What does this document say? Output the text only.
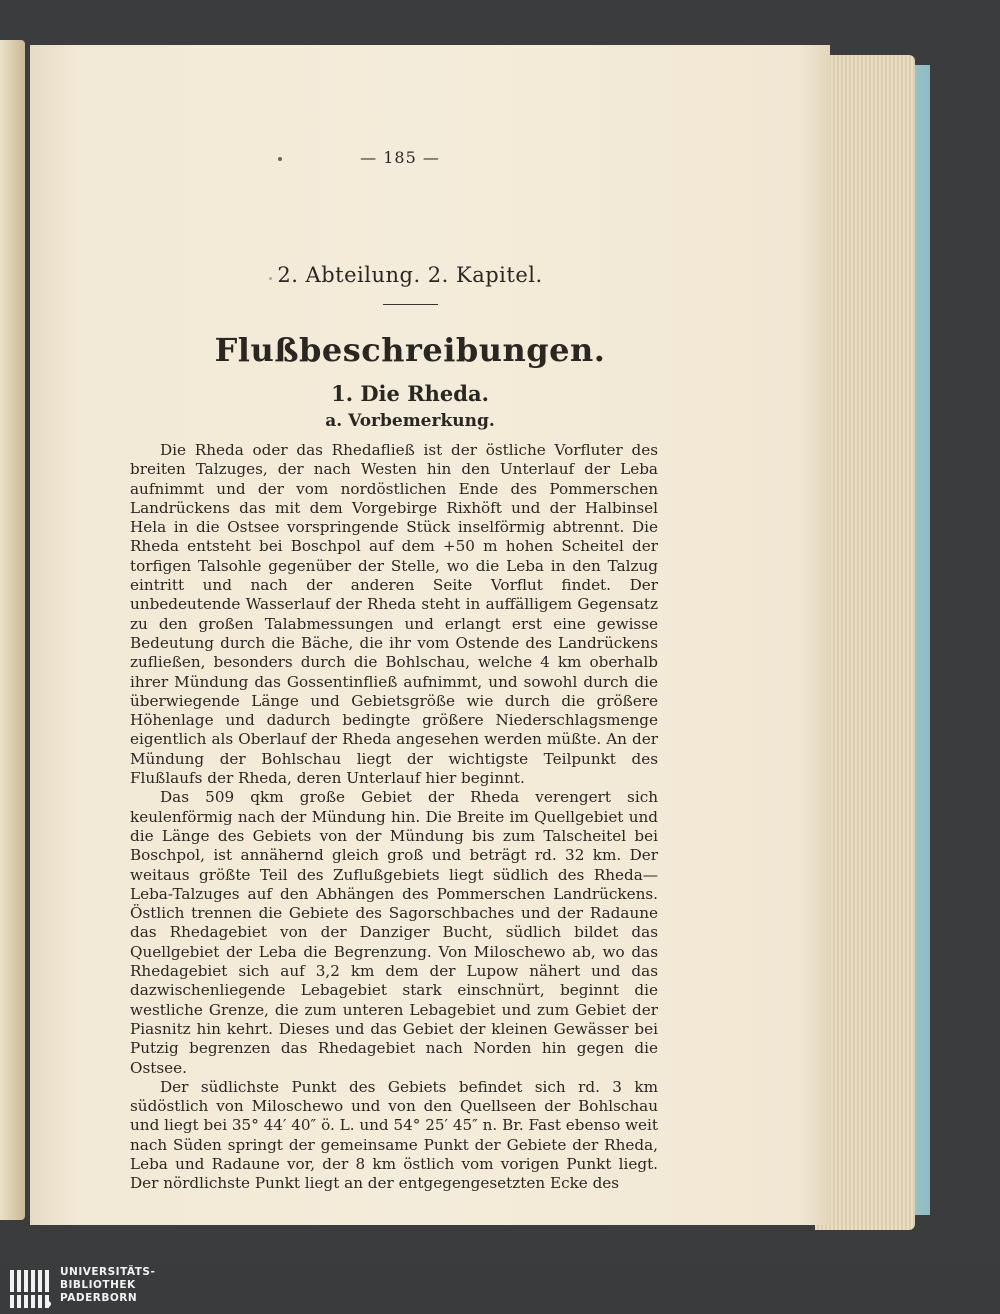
— 185 —
2. Abteilung. 2. Kapitel.
Flußbeschreibungen.
1. Die Rheda.
a. Vorbemerkung.

Die Rheda oder das Rhedafließ ist der östliche Vorfluter des breiten Talzuges, der nach Westen hin den Unterlauf der Leba aufnimmt und der vom nordöstlichen Ende des Pommerschen Landrückens das mit dem Vorgebirge Rixhöft und der Halbinsel Hela in die Ostsee vorspringende Stück inselförmig abtrennt. Die Rheda entsteht bei Boschpol auf dem +50 m hohen Scheitel der torfigen Talsohle gegenüber der Stelle, wo die Leba in den Talzug eintritt und nach der anderen Seite Vorflut findet. Der unbedeutende Wasserlauf der Rheda steht in auffälligem Gegensatz zu den großen Talabmessungen und erlangt erst eine gewisse Bedeutung durch die Bäche, die ihr vom Ostende des Landrückens zufließen, besonders durch die Bohlschau, welche 4 km oberhalb ihrer Mündung das Gossentinfließ aufnimmt, und sowohl durch die überwiegende Länge und Gebietsgröße wie durch die größere Höhenlage und dadurch bedingte größere Niederschlagsmenge eigentlich als Oberlauf der Rheda angesehen werden müßte. An der Mündung der Bohlschau liegt der wichtigste Teilpunkt des Flußlaufs der Rheda, deren Unterlauf hier beginnt.

Das 509 qkm große Gebiet der Rheda verengert sich keulenförmig nach der Mündung hin. Die Breite im Quellgebiet und die Länge des Gebiets von der Mündung bis zum Talscheitel bei Boschpol, ist annähernd gleich groß und beträgt rd. 32 km. Der weitaus größte Teil des Zuflußgebiets liegt südlich des Rheda—Leba-Talzuges auf den Abhängen des Pommerschen Landrückens. Östlich trennen die Gebiete des Sagorschbaches und der Radaune das Rhedagebiet von der Danziger Bucht, südlich bildet das Quellgebiet der Leba die Begrenzung. Von Miloschewo ab, wo das Rhedagebiet sich auf 3,2 km dem der Lupow nähert und das dazwischenliegende Lebagebiet stark einschnürt, beginnt die westliche Grenze, die zum unteren Lebagebiet und zum Gebiet der Piasnitz hin kehrt. Dieses und das Gebiet der kleinen Gewässer bei Putzig begrenzen das Rhedagebiet nach Norden hin gegen die Ostsee.

Der südlichste Punkt des Gebiets befindet sich rd. 3 km südöstlich von Miloschewo und von den Quellseen der Bohlschau und liegt bei 35° 44′ 40″ ö. L. und 54° 25′ 45″ n. Br. Fast ebenso weit nach Süden springt der gemeinsame Punkt der Gebiete der Rheda, Leba und Radaune vor, der 8 km östlich vom vorigen Punkt liegt. Der nördlichste Punkt liegt an der entgegengesetzten Ecke des

UNIVERSITÄTS-
BIBLIOTHEK
PADERBORN
